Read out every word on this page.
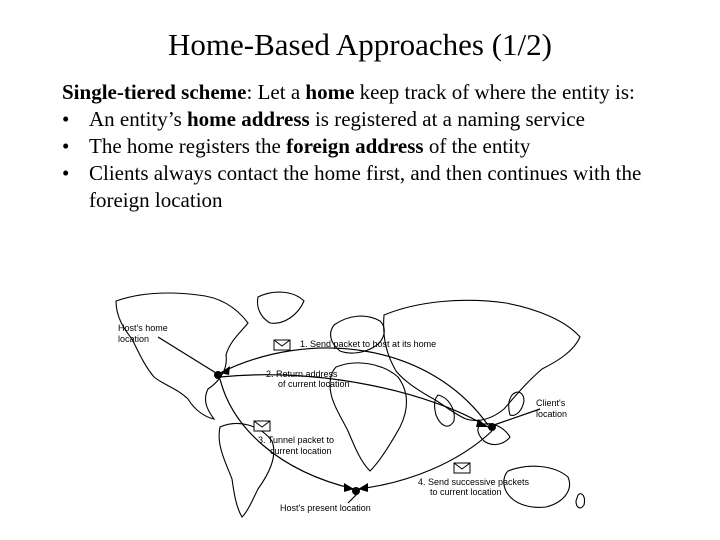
Home-Based Approaches (1/2)

Single-tiered scheme: Let a home keep track of where the entity is:

• An entity’s home address is registered at a naming service
• The home registers the foreign address of the entity
• Clients always contact the home first, and then continues with the foreign location
Host's home
location	1. Send packet to host at its home
2. Return address
of current location
Client's
location
3. Tunnel packet to
current location
4. Send successive packets
to current location
Host's present location
